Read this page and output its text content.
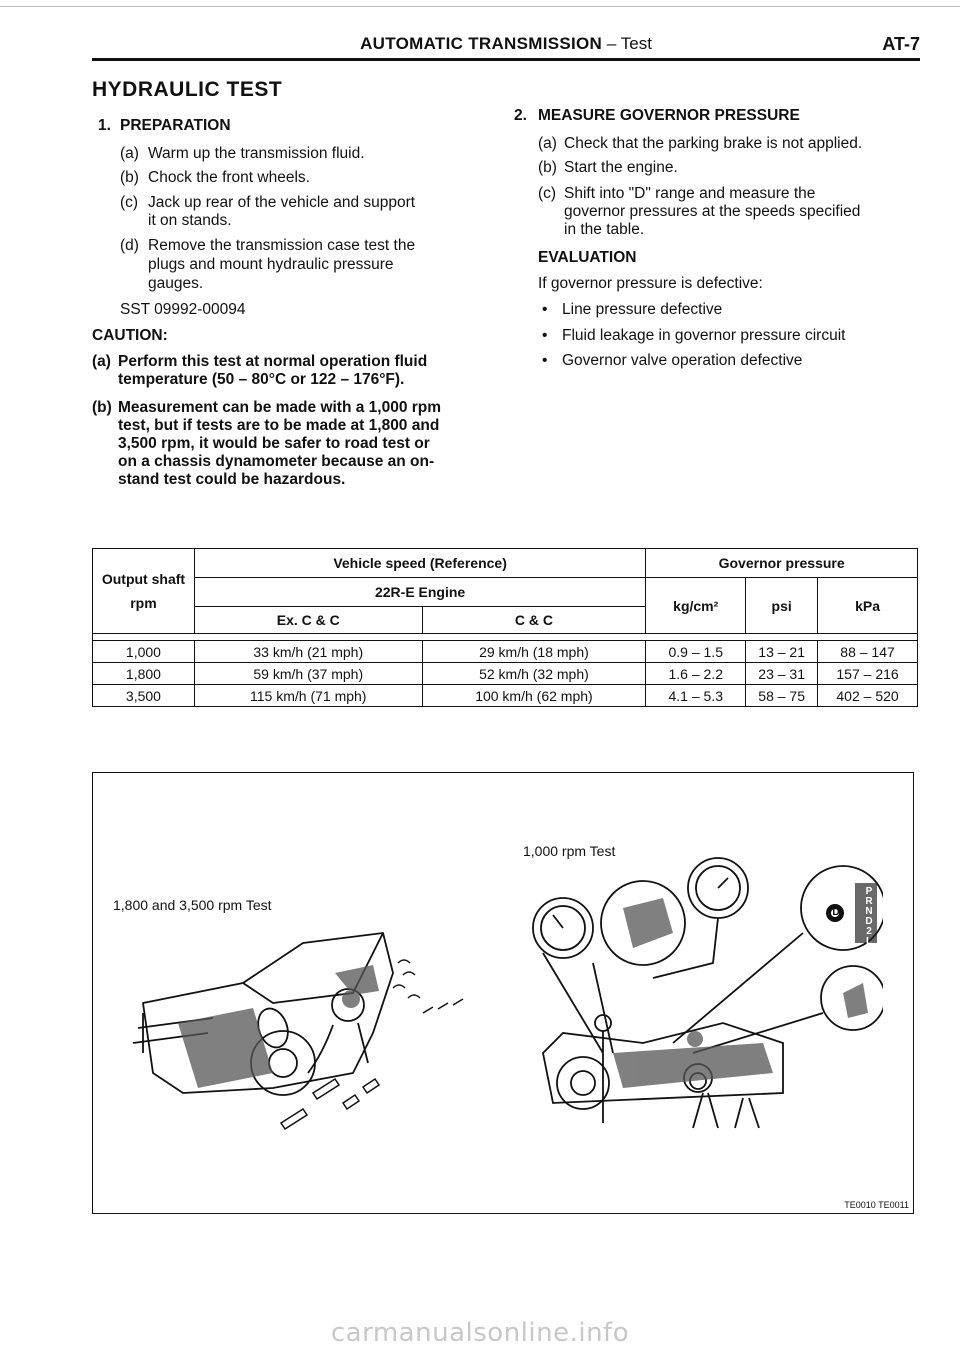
AUTOMATIC TRANSMISSION – Test	AT-7
HYDRAULIC TEST
1. PREPARATION
(a) Warm up the transmission fluid.
(b) Chock the front wheels.
(c) Jack up rear of the vehicle and support
it on stands.
(d) Remove the transmission case test the
plugs and mount hydraulic pressure
gauges.
SST 09992-00094
CAUTION:
(a) Perform this test at normal operation fluid
temperature (50 – 80°C or 122 – 176°F).
(b) Measurement can be made with a 1,000 rpm
test, but if tests are to be made at 1,800 and
3,500 rpm, it would be safer to road test or
on a chassis dynamometer because an on-
stand test could be hazardous.
2. MEASURE GOVERNOR PRESSURE
(a) Check that the parking brake is not applied.
(b) Start the engine.
(c) Shift into "D" range and measure the
governor pressures at the speeds specified
in the table.
EVALUATION
If governor pressure is defective:
• Line pressure defective
• Fluid leakage in governor pressure circuit
• Governor valve operation defective
Output shaft
rpm	Vehicle speed (Reference)		Governor pressure		
	22R-E Engine		kg/cm²	psi	kPa
	Ex. C & C	C & C			

1,000	33 km/h (21 mph)	29 km/h (18 mph)	0.9 – 1.5	13 – 21	88 – 147
1,800	59 km/h (37 mph)	52 km/h (32 mph)	1.6 – 2.2	23 – 31	157 – 216
3,500	115 km/h (71 mph)	100 km/h (62 mph)	4.1 – 5.3	58 – 75	402 – 520
1,800 and 3,500 rpm Test
1,000 rpm Test
TE0010 TE0011
P
R
N
D
2
L
D
carmanualsonline.info
